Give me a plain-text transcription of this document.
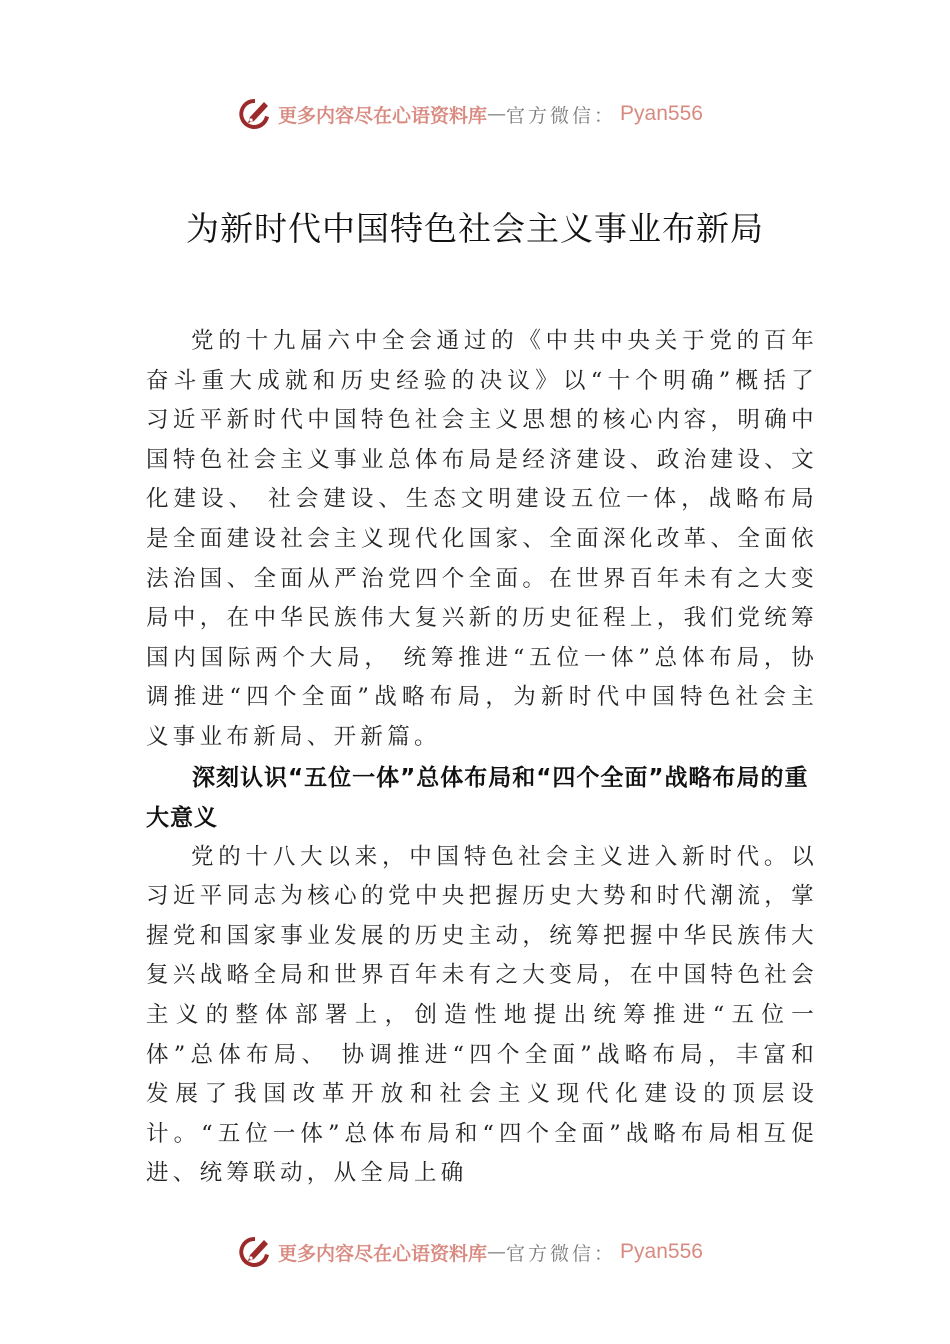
更多内容尽在心语资料库 — 官方微信： Pyan556
为新时代中国特色社会主义事业布新局

党的十九届六中全会通过的《中共中央关于党的百年奋斗重大成就和历史经验的决议》以“十个明确”概括了习近平新时代中国特色社会主义思想的核心内容，明确中国特色社会主义事业总体布局是经济建设、政治建设、文化建设、 社会建设、生态文明建设五位一体，战略布局是全面建设社会主义现代化国家、全面深化改革、全面依法治国、全面从严治党四个全面。在世界百年未有之大变局中，在中华民族伟大复兴新的历史征程上，我们党统筹国内国际两个大局， 统筹推进“五位一体”总体布局，协调推进“四个全面”战略布局，为新时代中国特色社会主义事业布新局、开新篇。

深刻认识“五位一体”总体布局和“四个全面”战略布局的重大意义

党的十八大以来，中国特色社会主义进入新时代。以习近平同志为核心的党中央把握历史大势和时代潮流，掌握党和国家事业发展的历史主动，统筹把握中华民族伟大复兴战略全局和世界百年未有之大变局，在中国特色社会主义的整体部署上，创造性地提出统筹推进“五位一体”总体布局、 协调推进“四个全面”战略布局，丰富和发展了我国改革开放和社会主义现代化建设的顶层设计。“五位一体”总体布局和“四个全面”战略布局相互促进、统筹联动，从全局上确

更多内容尽在心语资料库 — 官方微信： Pyan556
